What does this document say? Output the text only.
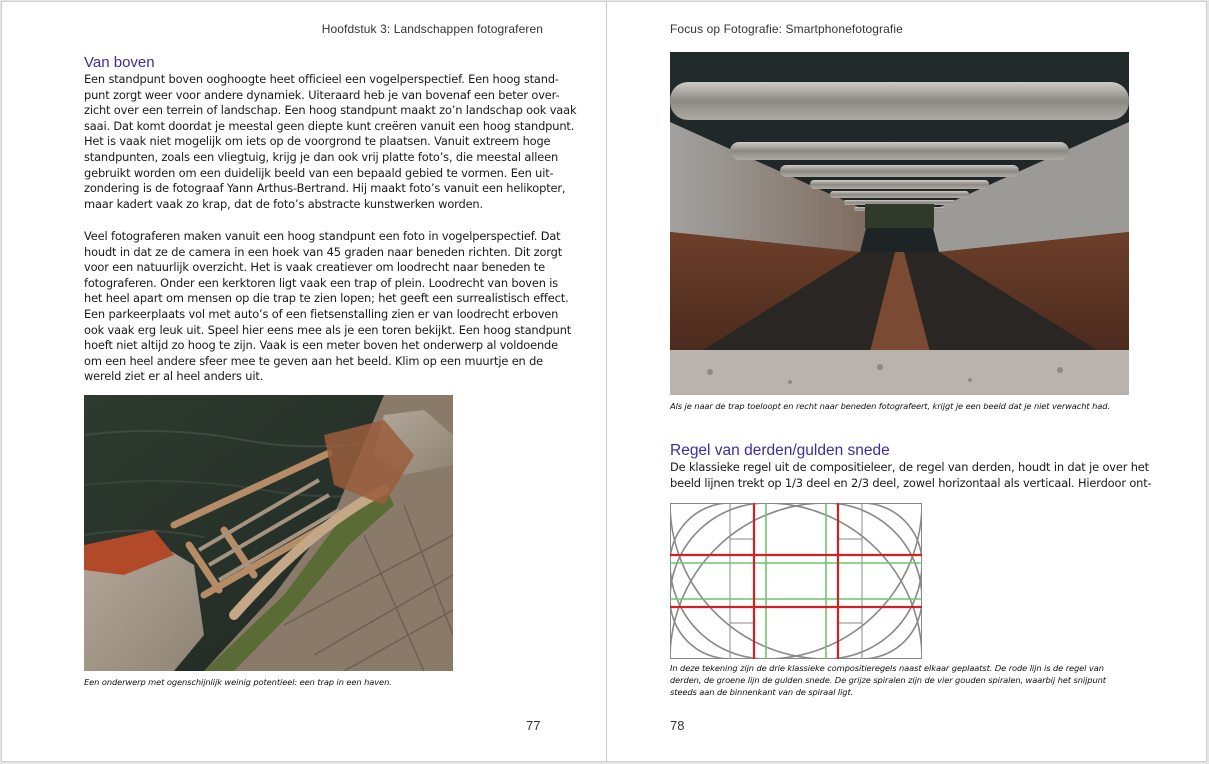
Hoofdstuk 3: Landschappen fotograferen
Van boven
Een standpunt boven ooghoogte heet officieel een vogelperspectief. Een hoog stand-
punt zorgt weer voor andere dynamiek. Uiteraard heb je van bovenaf een beter over-
zicht over een terrein of landschap. Een hoog standpunt maakt zo’n landschap ook vaak
saai. Dat komt doordat je meestal geen diepte kunt creëren vanuit een hoog standpunt.
Het is vaak niet mogelijk om iets op de voorgrond te plaatsen. Vanuit extreem hoge
standpunten, zoals een vliegtuig, krijg je dan ook vrij platte foto’s, die meestal alleen
gebruikt worden om een duidelijk beeld van een bepaald gebied te vormen. Een uit-
zondering is de fotograaf Yann Arthus-Bertrand. Hij maakt foto’s vanuit een helikopter,
maar kadert vaak zo krap, dat de foto’s abstracte kunstwerken worden.
Veel fotograferen maken vanuit een hoog standpunt een foto in vogelperspectief. Dat
houdt in dat ze de camera in een hoek van 45 graden naar beneden richten. Dit zorgt
voor een natuurlijk overzicht. Het is vaak creatiever om loodrecht naar beneden te
fotograferen. Onder een kerktoren ligt vaak een trap of plein. Loodrecht van boven is
het heel apart om mensen op die trap te zien lopen; het geeft een surrealistisch effect.
Een parkeerplaats vol met auto’s of een fietsenstalling zien er van loodrecht erboven
ook vaak erg leuk uit. Speel hier eens mee als je een toren bekijkt. Een hoog standpunt
hoeft niet altijd zo hoog te zijn. Vaak is een meter boven het onderwerp al voldoende
om een heel andere sfeer mee te geven aan het beeld. Klim op een muurtje en de
wereld ziet er al heel anders uit.
Een onderwerp met ogenschijnlijk weinig potentieel: een trap in een haven.
77
Focus op Fotografie: Smartphonefotografie
Als je naar de trap toeloopt en recht naar beneden fotografeert, krijgt je een beeld dat je niet verwacht had.
Regel van derden/gulden snede
De klassieke regel uit de compositieleer, de regel van derden, houdt in dat je over het
beeld lijnen trekt op 1/3 deel en 2/3 deel, zowel horizontaal als verticaal. Hierdoor ont-
In deze tekening zijn de drie klassieke compositieregels naast elkaar geplaatst. De rode lijn is de regel van
derden, de groene lijn de gulden snede. De grijze spiralen zijn de vier gouden spiralen, waarbij het snijpunt
steeds aan de binnenkant van de spiraal ligt.
78
